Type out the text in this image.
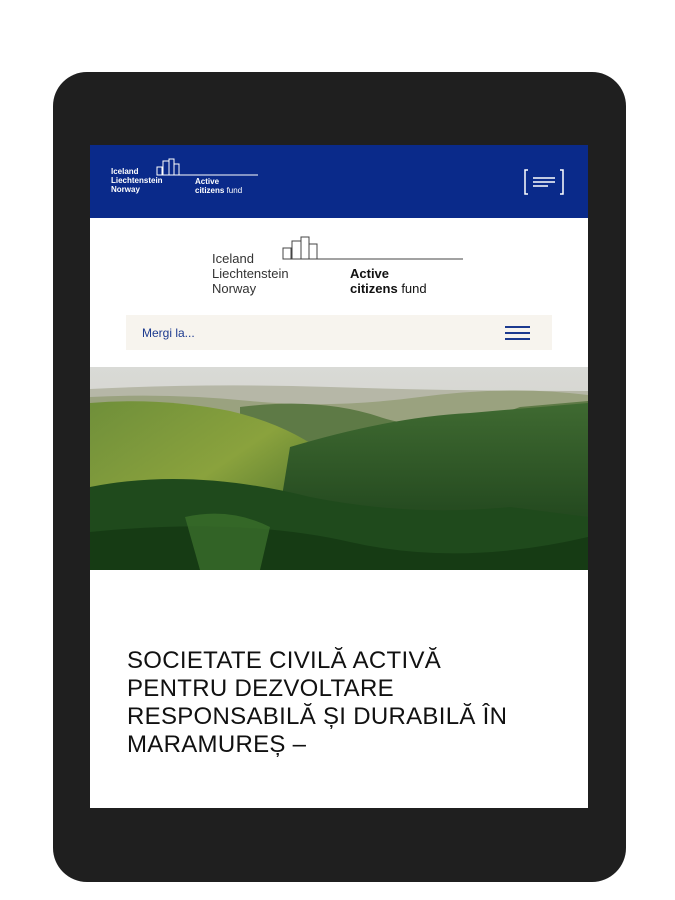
Iceland
Liechtenstein
Norway
Active
citizens fund
Iceland
Liechtenstein
Norway
Active
citizens fund
Mergi la...
SOCIETATE CIVILĂ ACTIVĂ PENTRU DEZVOLTARE RESPONSABILĂ ȘI DURABILĂ ÎN MARAMUREȘ –
